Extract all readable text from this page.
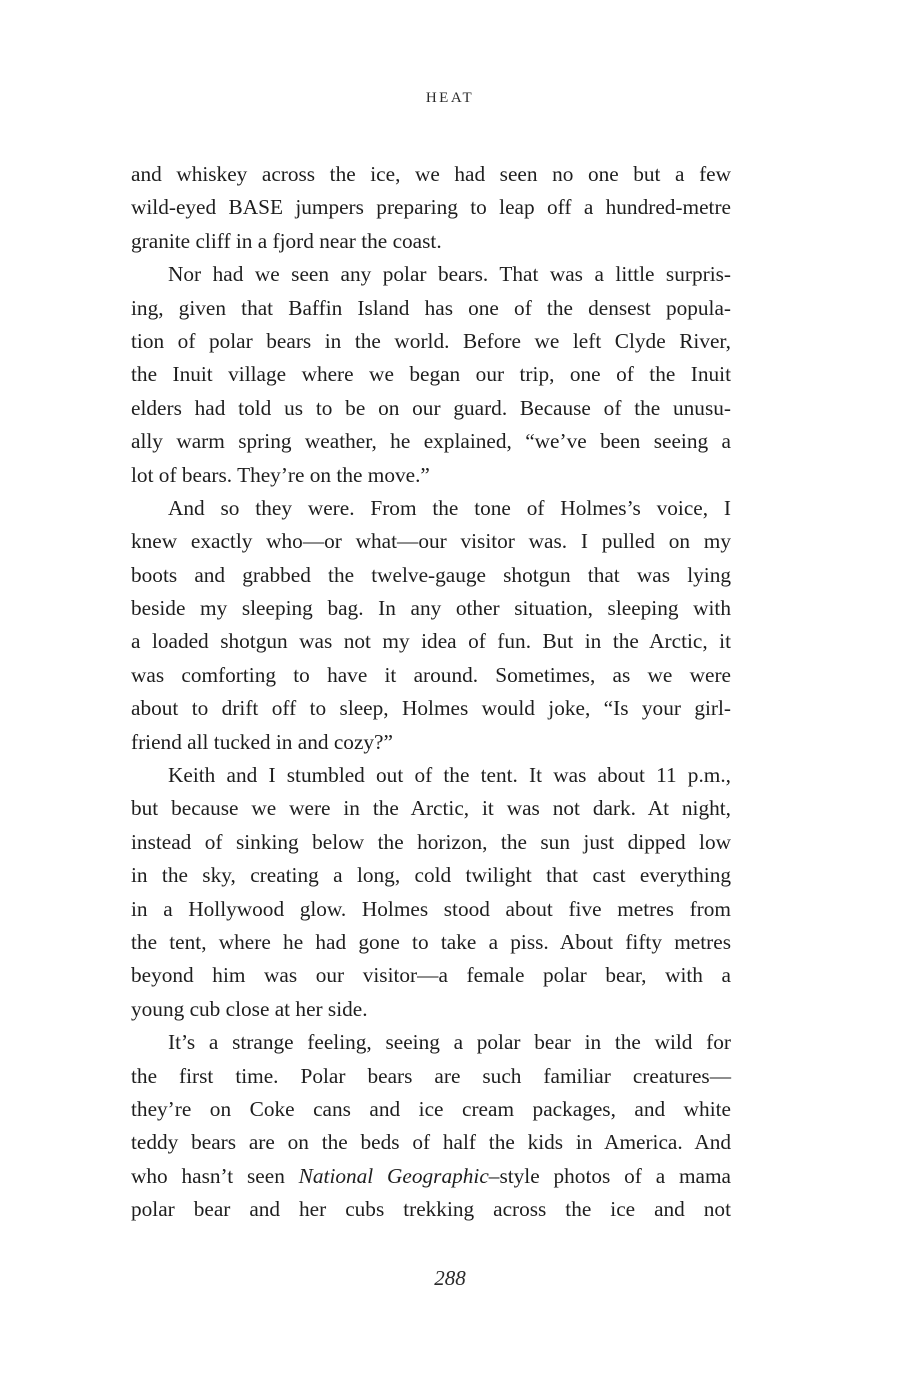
HEAT
and whiskey across the ice, we had seen no one but a few
wild-eyed BASE jumpers preparing to leap off a hundred-metre
granite cliff in a fjord near the coast.
Nor had we seen any polar bears. That was a little surpris-
ing, given that Baffin Island has one of the densest popula-
tion of polar bears in the world. Before we left Clyde River,
the Inuit village where we began our trip, one of the Inuit
elders had told us to be on our guard. Because of the unusu-
ally warm spring weather, he explained, “we’ve been seeing a
lot of bears. They’re on the move.”
And so they were. From the tone of Holmes’s voice, I
knew exactly who—or what—our visitor was. I pulled on my
boots and grabbed the twelve-gauge shotgun that was lying
beside my sleeping bag. In any other situation, sleeping with
a loaded shotgun was not my idea of fun. But in the Arctic, it
was comforting to have it around. Sometimes, as we were
about to drift off to sleep, Holmes would joke, “Is your girl-
friend all tucked in and cozy?”
Keith and I stumbled out of the tent. It was about 11 p.m.,
but because we were in the Arctic, it was not dark. At night,
instead of sinking below the horizon, the sun just dipped low
in the sky, creating a long, cold twilight that cast everything
in a Hollywood glow. Holmes stood about five metres from
the tent, where he had gone to take a piss. About fifty metres
beyond him was our visitor—a female polar bear, with a
young cub close at her side.
It’s a strange feeling, seeing a polar bear in the wild for
the first time. Polar bears are such familiar creatures—
they’re on Coke cans and ice cream packages, and white
teddy bears are on the beds of half the kids in America. And
who hasn’t seen National Geographic–style photos of a mama
polar bear and her cubs trekking across the ice and not
288
